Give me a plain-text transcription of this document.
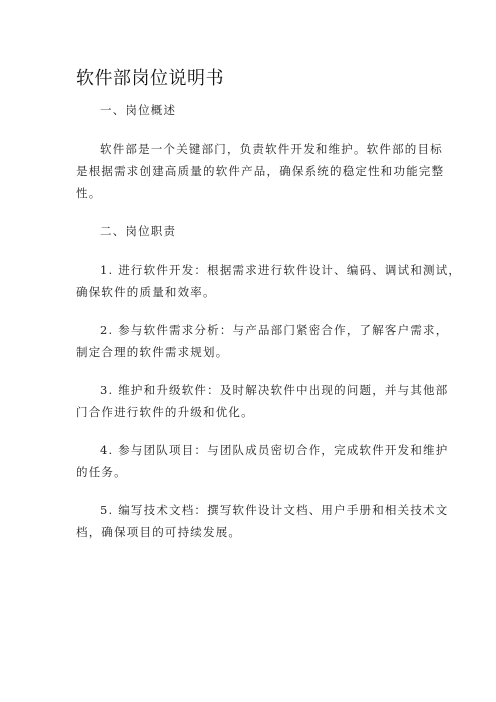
软件部岗位说明书
一、岗位概述
软件部是一个关键部门，负责软件开发和维护。软件部的目标
是根据需求创建高质量的软件产品，确保系统的稳定性和功能完整
性。
二、岗位职责
1. 进行软件开发：根据需求进行软件设计、编码、调试和测试，
确保软件的质量和效率。
2. 参与软件需求分析：与产品部门紧密合作，了解客户需求，
制定合理的软件需求规划。
3. 维护和升级软件：及时解决软件中出现的问题，并与其他部
门合作进行软件的升级和优化。
4. 参与团队项目：与团队成员密切合作，完成软件开发和维护
的任务。
5. 编写技术文档：撰写软件设计文档、用户手册和相关技术文
档，确保项目的可持续发展。
